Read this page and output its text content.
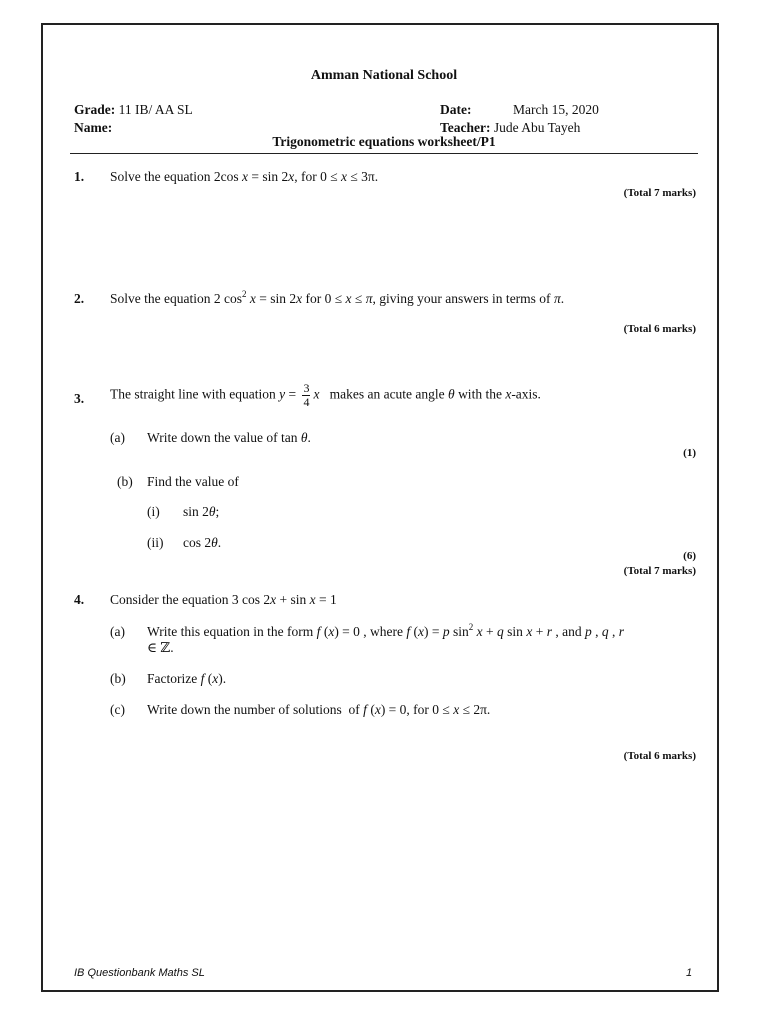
Amman National School
Grade: 11 IB/ AA SL	Date:	March 15, 2020
Name:	Teacher: Jude Abu Tayeh
Trigonometric equations worksheet/P1
1. Solve the equation 2cos x = sin 2x, for 0 ≤ x ≤ 3π.
(Total 7 marks)
2. Solve the equation 2 $\cos^2 x = \sin 2x$ for 0 ≤ x ≤ π, giving your answers in terms of π.
(Total 6 marks)
3. The straight line with equation $y = \frac{3}{4}$ x   makes an acute angle θ with the x-axis.
(a) Write down the value of tan θ.
(1)
(b) Find the value of
(i) sin 2θ;
(ii) cos 2θ.
(6)
(Total 7 marks)
4. Consider the equation 3 cos 2x + sin x = 1
(a) Write this equation in the form f (x) = 0 , where f (x) = p $\sin^2 x + q$ sin x + r , and p , q , r
∈ ℤ.
(b) Factorize f (x).
(c) Write down the number of solutions  of f (x) = 0, for 0 ≤ x ≤ 2π.
(Total 6 marks)
IB Questionbank Maths SL	1
